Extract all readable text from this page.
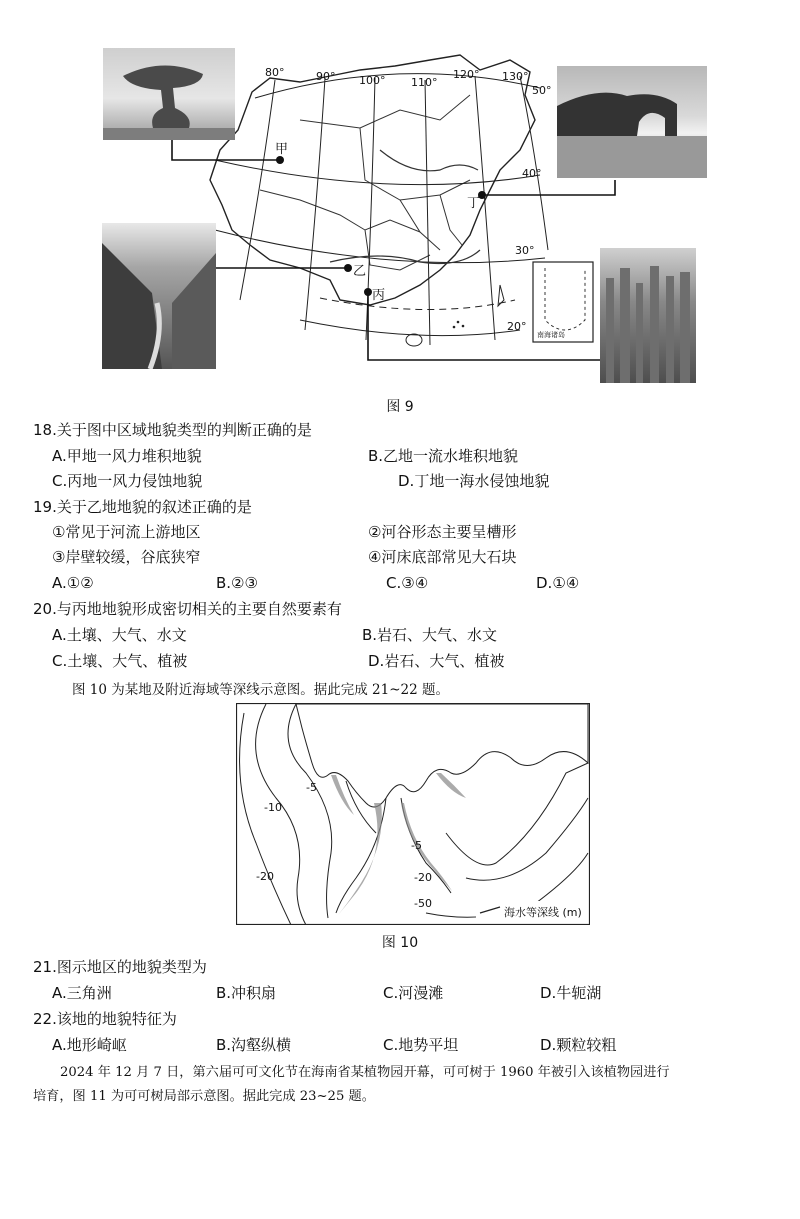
80°	90° 100° 110°
120° 130°
50°
40°
30°
20°
甲
丁
乙
丙
南海诸岛
图 9
18.关于图中区域地貌类型的判断正确的是
A.甲地一风力堆积地貌	B.乙地一流水堆积地貌
C.丙地一风力侵蚀地貌	D.丁地一海水侵蚀地貌
19.关于乙地地貌的叙述正确的是
①常见于河流上游地区	②河谷形态主要呈槽形
③岸壁较缓，谷底狭窄	④河床底部常见大石块
A.①②	B.②③	C.③④	D.①④
20.与丙地地貌形成密切相关的主要自然要素有
A.土壤、大气、水文	B.岩石、大气、水文
C.土壤、大气、植被	D.岩石、大气、植被
图 10 为某地及附近海域等深线示意图。据此完成 21~22 题。
-5
-10
-20
-5
-20
-50
海水等深线 (m)
图 10
21.图示地区的地貌类型为
A.三角洲	B.冲积扇	C.河漫滩	D.牛轭湖
22.该地的地貌特征为
A.地形崎岖	B.沟壑纵横	C.地势平坦	D.颗粒较粗
2024 年 12 月 7 日，第六届可可文化节在海南省某植物园开幕，可可树于 1960 年被引入该植物园进行
培育，图 11 为可可树局部示意图。据此完成 23~25 题。
